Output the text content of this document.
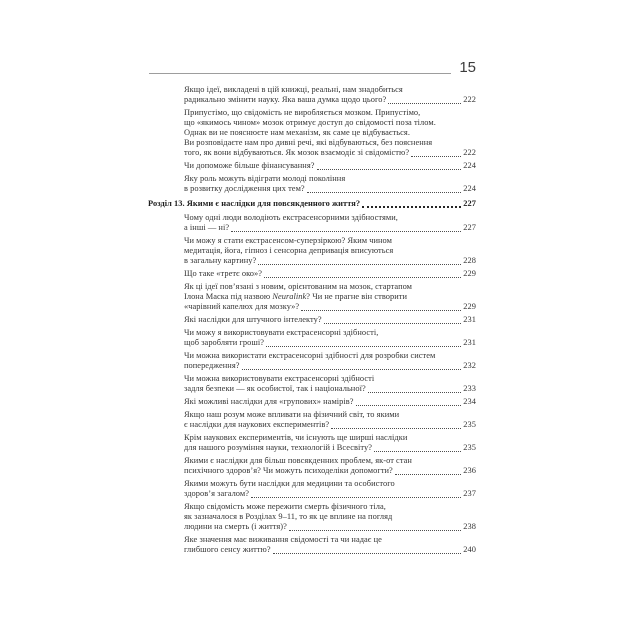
15
Якщо ідеї, викладені в цій книжці, реальні, нам знадобиться
радикально змінити науку. Яка ваша думка щодо цього?	222
Припустімо, що свідомість не виробляється мозком. Припустімо,
що «якимось чином» мозок отримує доступ до свідомості поза тілом.
Однак ви не пояснюєте нам механізм, як саме це відбувається.
Ви розповідаєте нам про дивні речі, які відбуваються, без пояснення
того, як вони відбуваються. Як мозок взаємодіє зі свідомістю?	222
Чи допоможе більше фінансування?	224
Яку роль можуть відіграти молоді покоління
в розвитку дослідження цих тем?	224
Розділ 13. Якими є наслідки для повсякденного життя?	227
Чому одні люди володіють екстрасенсорними здібностями,
а інші — ні?	227
Чи можу я стати екстрасенсом-суперзіркою? Яким чином
медитація, йога, гіпноз і сенсорна депривація вписуються
в загальну картину?	228
Що таке «третє око»?	229
Як ці ідеї пов’язані з новим, орієнтованим на мозок, стартапом
Ілона Маска під назвою Neuralink? Чи не прагне він створити
«чарівний капелюх для мозку»?	229
Які наслідки для штучного інтелекту?	231
Чи можу я використовувати екстрасенсорні здібності,
щоб заробляти гроші?	231
Чи можна використати екстрасенсорні здібності для розробки систем
попередження?	232
Чи можна використовувати екстрасенсорні здібності
задля безпеки — як особистої, так і національної?	233
Які можливі наслідки для «групових» намірів?	234
Якщо наш розум може впливати на фізичний світ, то якими
є наслідки для наукових експериментів?	235
Крім наукових експериментів, чи існують ще ширші наслідки
для нашого розуміння науки, технологій і Всесвіту?	235
Якими є наслідки для більш повсякденних проблем, як-от стан
психічного здоров’я? Чи можуть психоделіки допомогти?	236
Якими можуть бути наслідки для медицини та особистого
здоров’я загалом?	237
Якщо свідомість може пережити смерть фізичного тіла,
як зазначалося в Розділах 9–11, то як це вплине на погляд
людини на смерть (і життя)?	238
Яке значення має виживання свідомості та чи надає це
глибшого сенсу життю?	240
